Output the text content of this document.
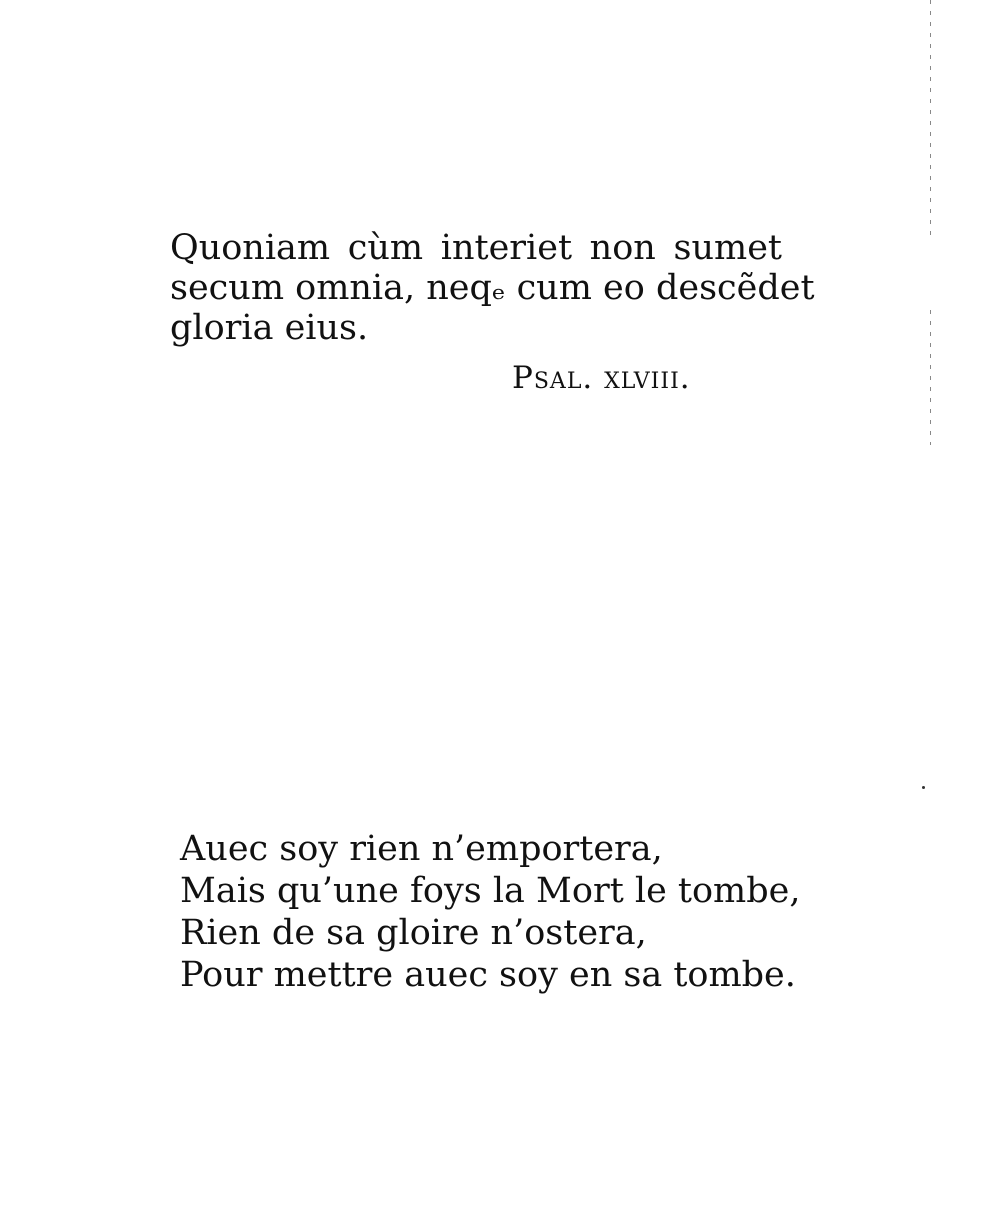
Quoniam cùm interiet non sumet
secum omnia, neqₑ cum eo descẽdet
gloria eius.
Psal. xlviii.
Auec soy rien n’emportera,
Mais qu’une foys la Mort le tombe,
Rien de sa gloire n’ostera,
Pour mettre auec soy en sa tombe.
